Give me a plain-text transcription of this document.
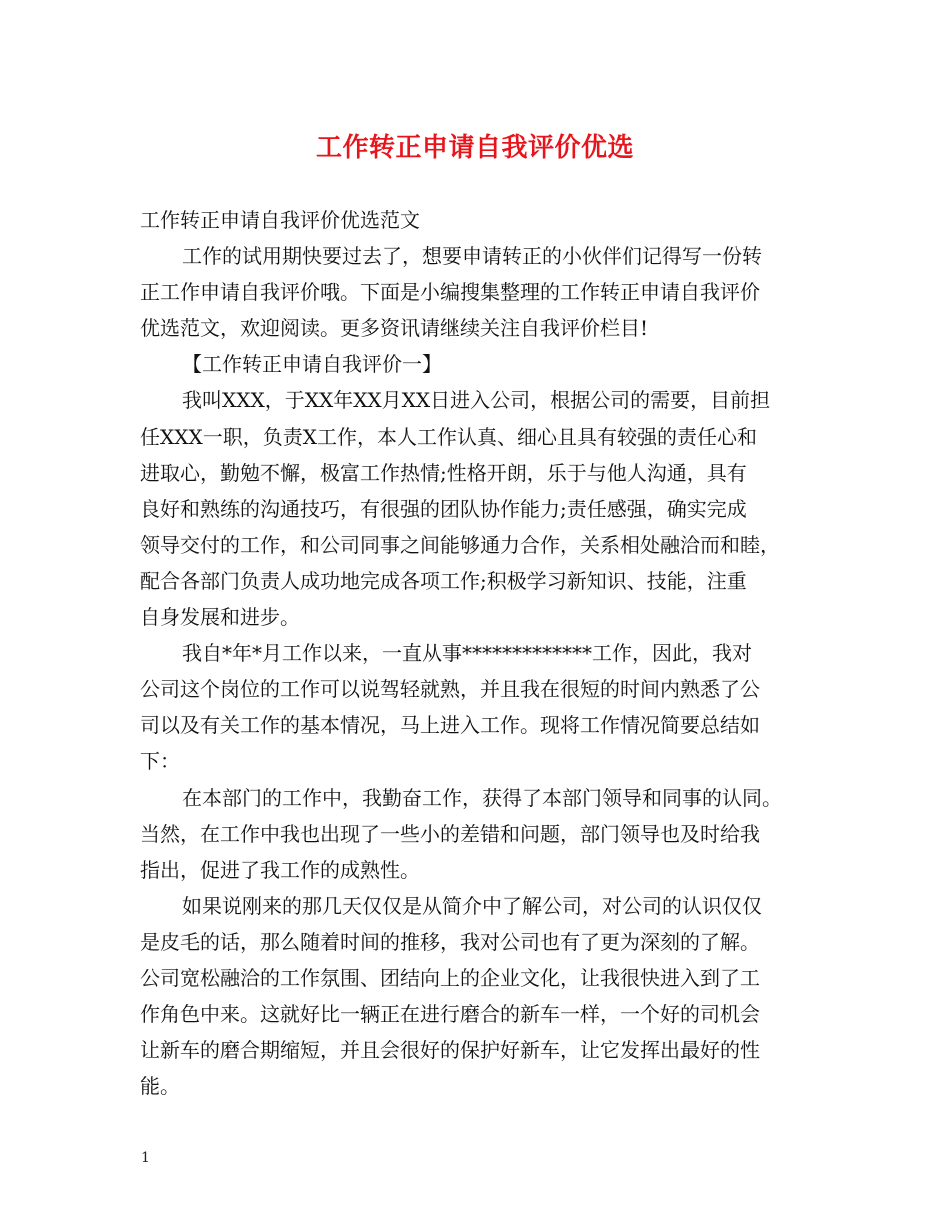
工作转正申请自我评价优选
工作转正申请自我评价优选范文
工作的试用期快要过去了，想要申请转正的小伙伴们记得写一份转
正工作申请自我评价哦。下面是小编搜集整理的工作转正申请自我评价
优选范文，欢迎阅读。更多资讯请继续关注自我评价栏目!
【工作转正申请自我评价一】
我叫XXX，于XX年XX月XX日进入公司，根据公司的需要，目前担
任XXX一职，负责X工作，本人工作认真、细心且具有较强的责任心和
进取心，勤勉不懈，极富工作热情;性格开朗，乐于与他人沟通，具有
良好和熟练的沟通技巧，有很强的团队协作能力;责任感强，确实完成
领导交付的工作，和公司同事之间能够通力合作，关系相处融洽而和睦，
配合各部门负责人成功地完成各项工作;积极学习新知识、技能，注重
自身发展和进步。
我自*年*月工作以来，一直从事*************工作，因此，我对
公司这个岗位的工作可以说驾轻就熟，并且我在很短的时间内熟悉了公
司以及有关工作的基本情况，马上进入工作。现将工作情况简要总结如
下：
在本部门的工作中，我勤奋工作，获得了本部门领导和同事的认同。
当然，在工作中我也出现了一些小的差错和问题，部门领导也及时给我
指出，促进了我工作的成熟性。
如果说刚来的那几天仅仅是从简介中了解公司，对公司的认识仅仅
是皮毛的话，那么随着时间的推移，我对公司也有了更为深刻的了解。
公司宽松融洽的工作氛围、团结向上的企业文化，让我很快进入到了工
作角色中来。这就好比一辆正在进行磨合的新车一样，一个好的司机会
让新车的磨合期缩短，并且会很好的保护好新车，让它发挥出最好的性
能。
1
